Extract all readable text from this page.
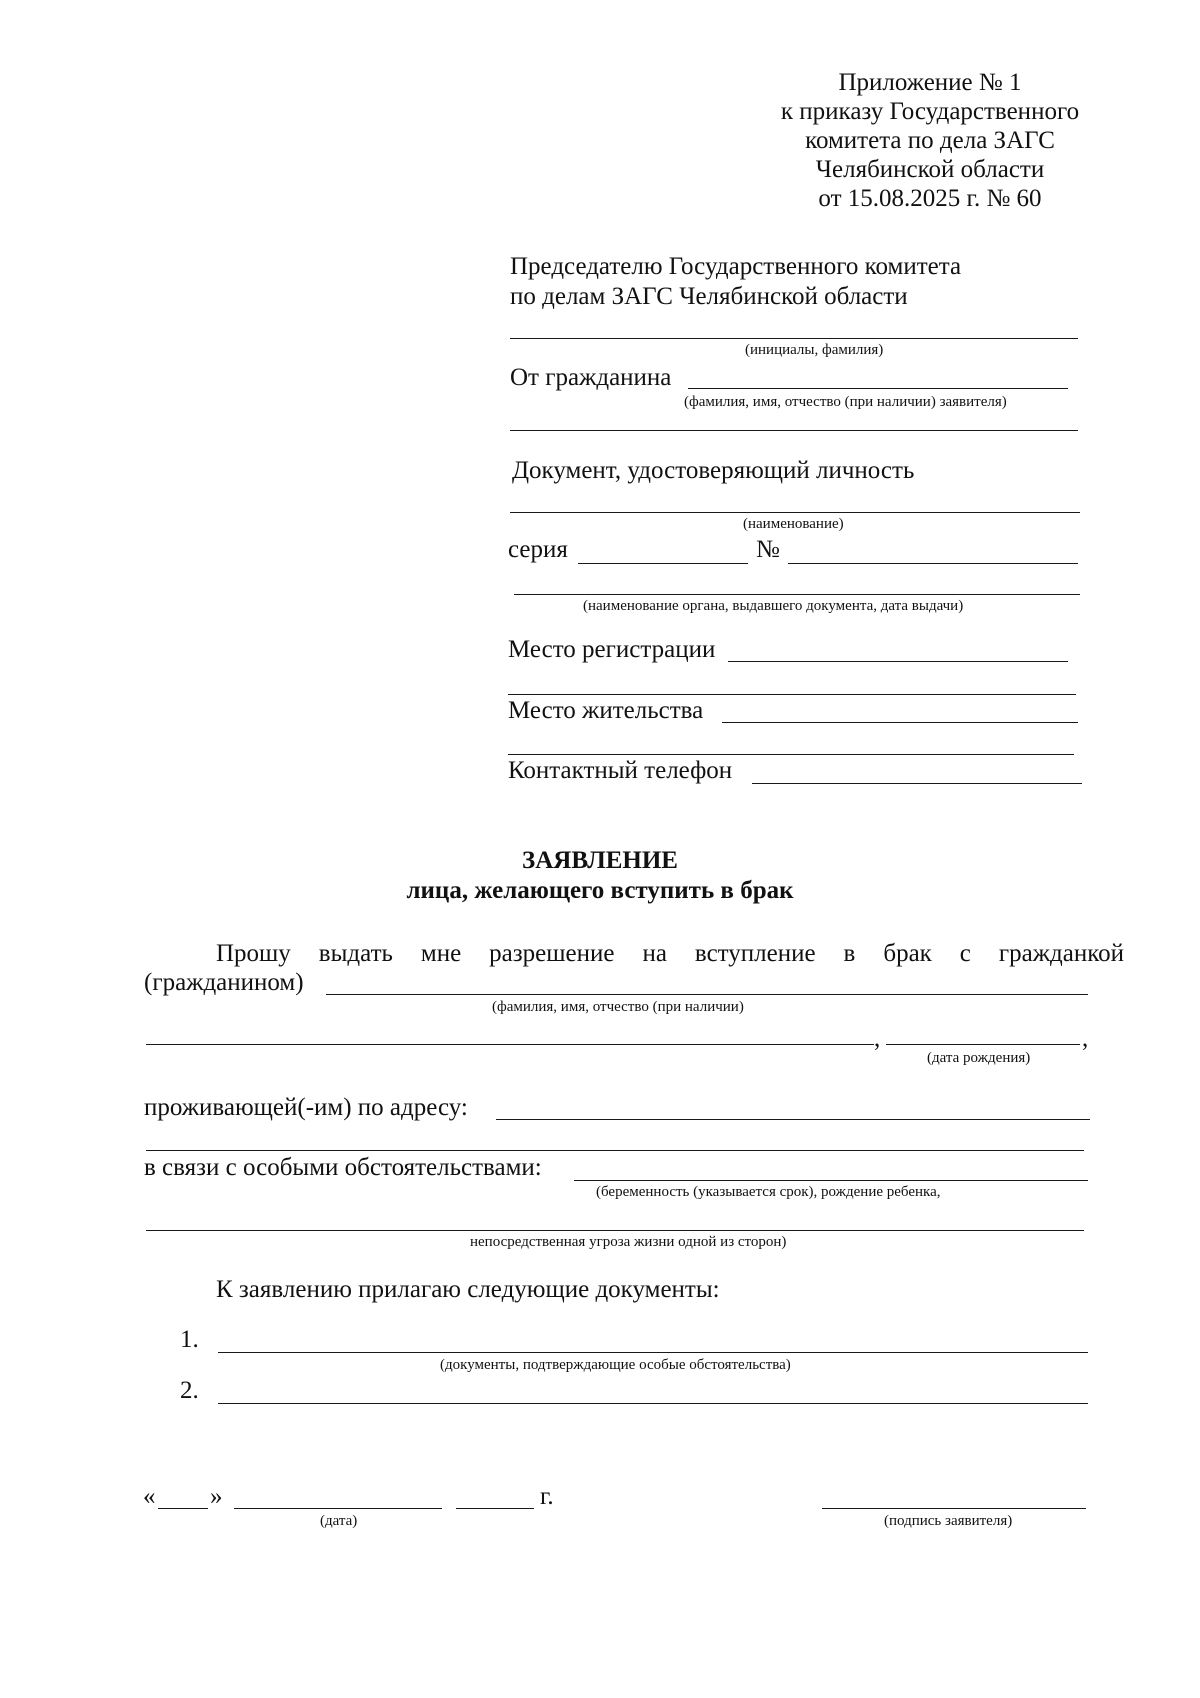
Приложение № 1
к приказу Государственного
комитета по дела ЗАГС
Челябинской области
от 15.08.2025 г. № 60
Председателю Государственного комитета
по делам ЗАГС Челябинской области
(инициалы, фамилия)
От гражданина
(фамилия, имя, отчество (при наличии) заявителя)
Документ, удостоверяющий личность
(наименование)
серия	№
(наименование органа, выдавшего документа, дата выдачи)
Место регистрации
Место жительства
Контактный телефон
ЗАЯВЛЕНИЕ
лица, желающего вступить в брак
Прошу выдать мне разрешение на вступление в брак с гражданкой
(гражданином)
(фамилия, имя, отчество (при наличии)
,	,
(дата рождения)
проживающей(-им) по адресу:
в связи с особыми обстоятельствами:
(беременность (указывается срок), рождение ребенка,
непосредственная угроза жизни одной из сторон)
К заявлению прилагаю следующие документы:
1.
(документы, подтверждающие особые обстоятельства)
2.
« »	г.
(дата)	(подпись заявителя)
